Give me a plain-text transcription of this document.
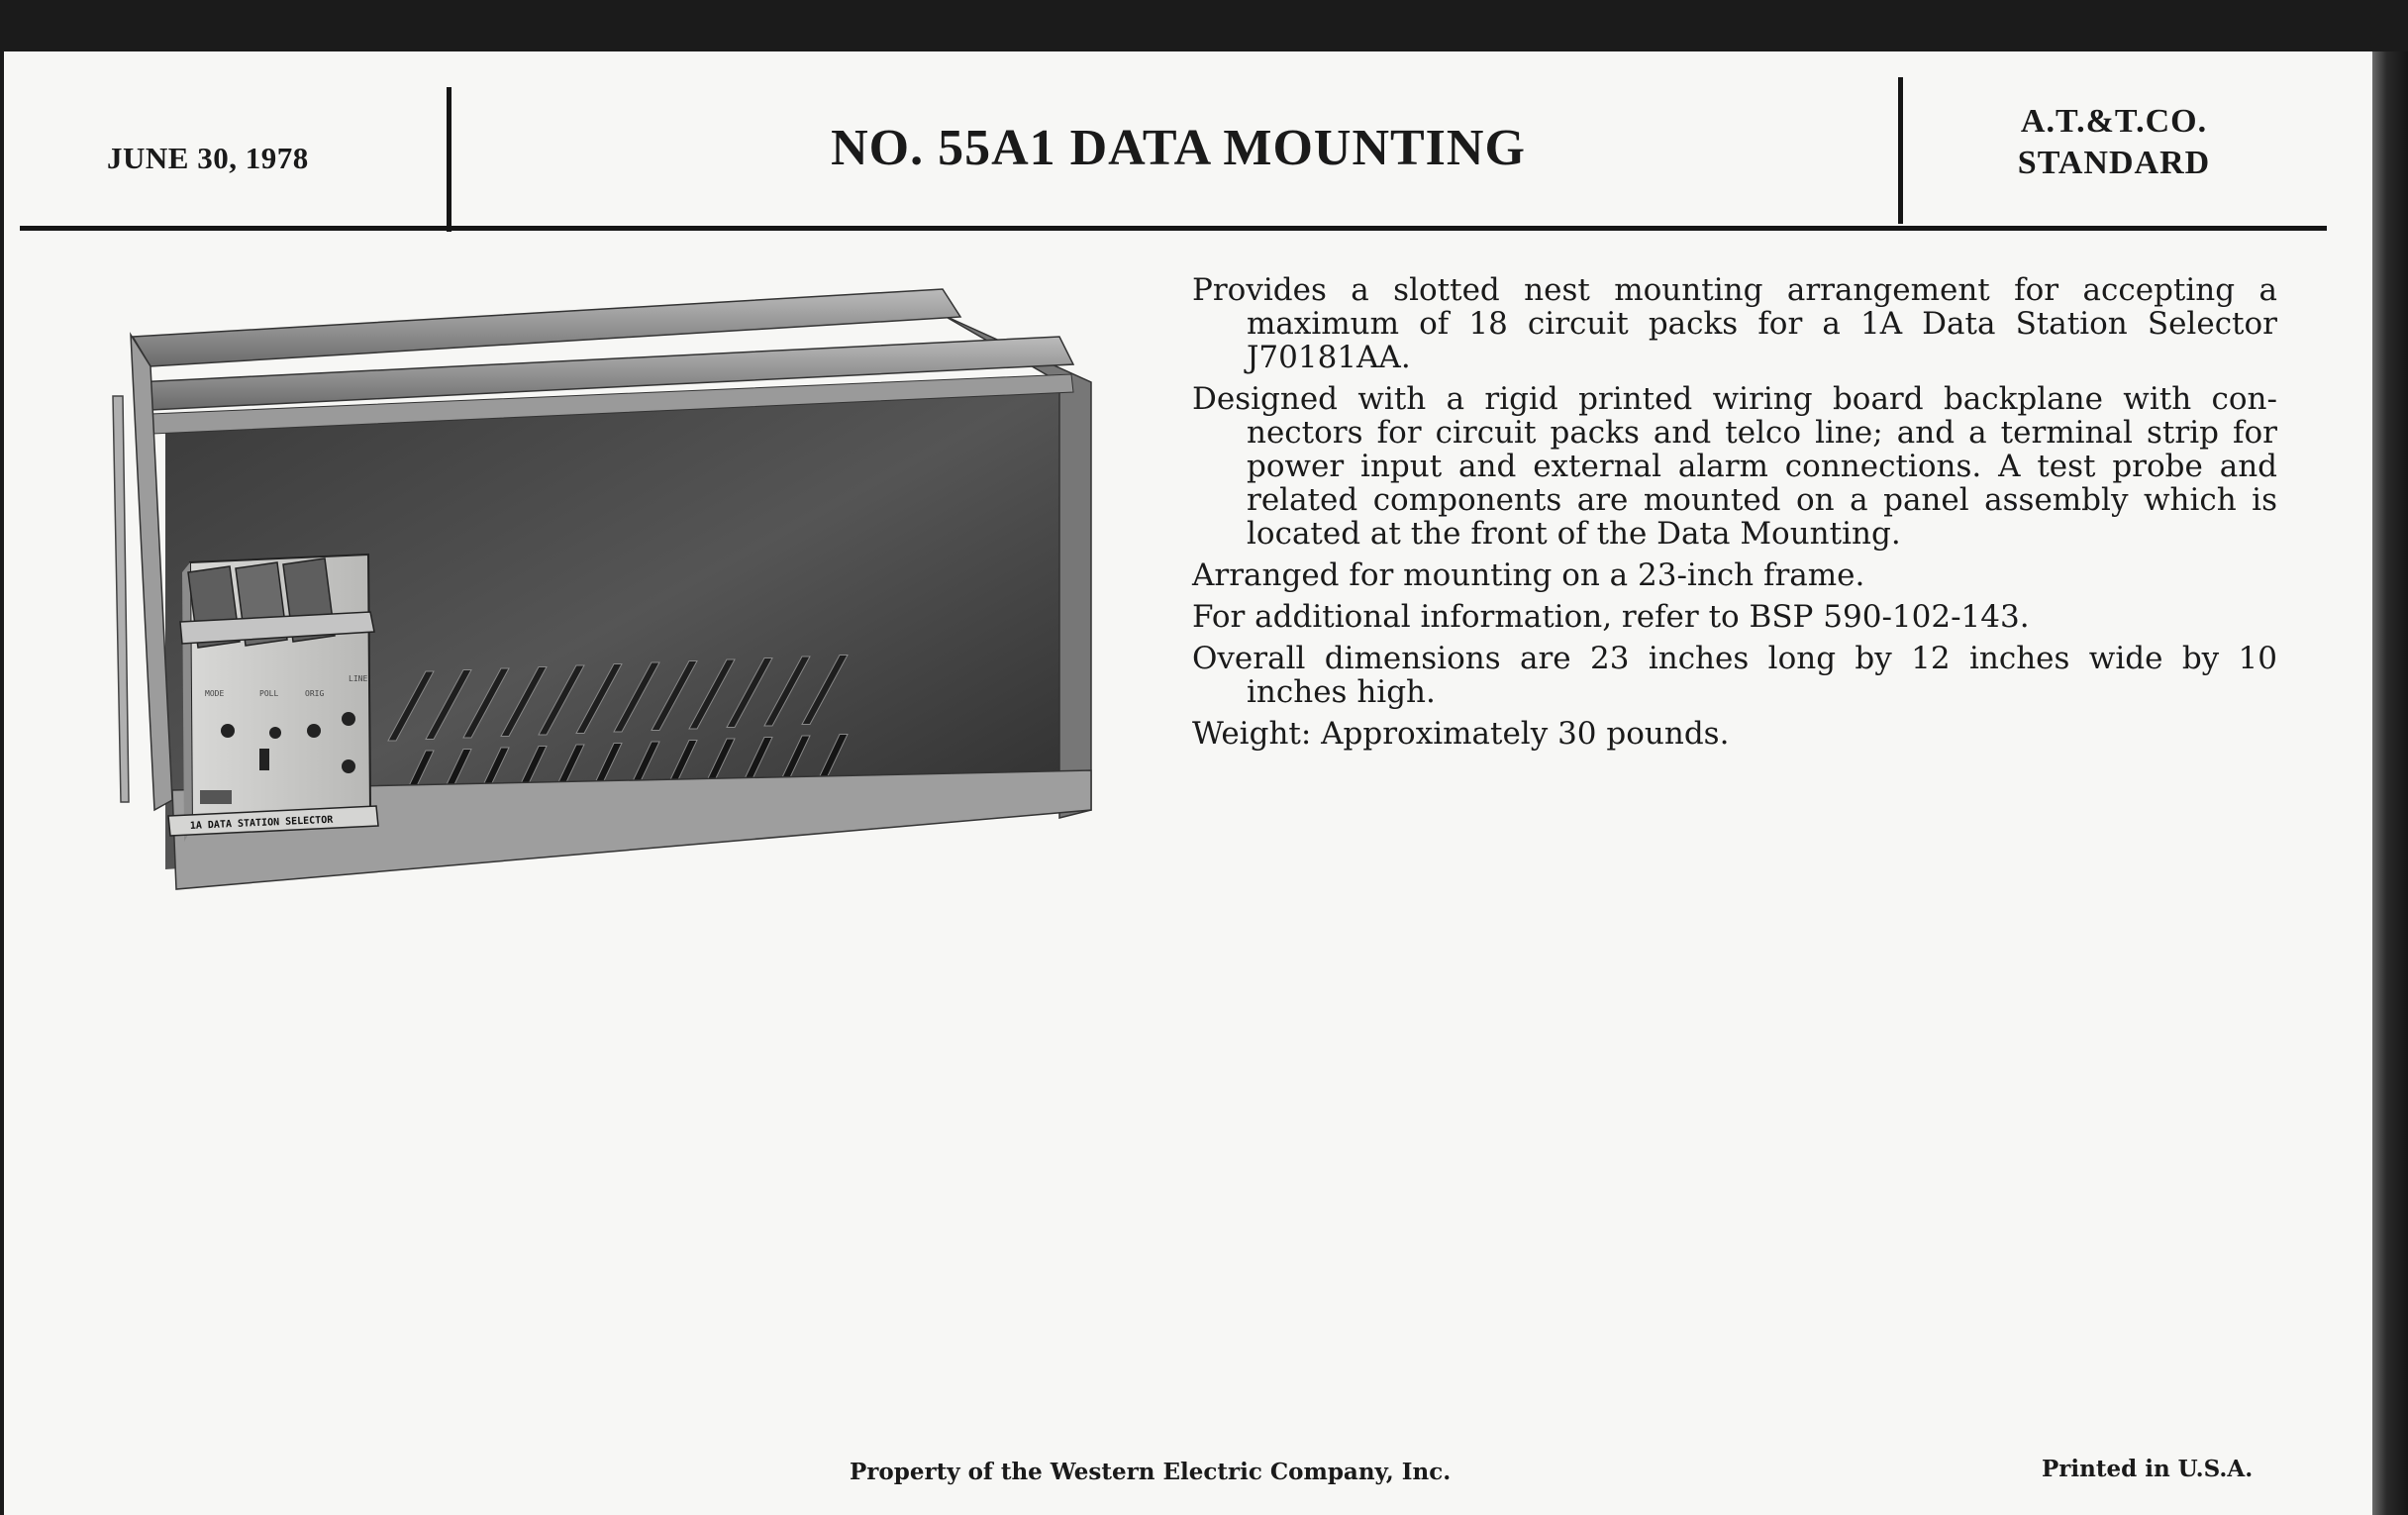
JUNE 30, 1978	NO. 55A1 DATA MOUNTING	A.T.&T.CO.
STANDARD
MODE	POLL	ORIG
LINE
1A DATA STATION SELECTOR

Provides a slotted nest mounting arrangement for accepting a maximum of 18 circuit packs for a 1A Data Station Selector J70181AA.

Designed with a rigid printed wiring board backplane with con-nectors for circuit packs and telco line; and a terminal strip for power input and external alarm connections. A test probe and related components are mounted on a panel assembly which is located at the front of the Data Mounting.

Arranged for mounting on a 23-inch frame.

For additional information, refer to BSP 590-102-143.

Overall dimensions are 23 inches long by 12 inches wide by 10 inches high.

Weight: Approximately 30 pounds.

Property of the Western Electric Company, Inc.	Printed in U.S.A.
